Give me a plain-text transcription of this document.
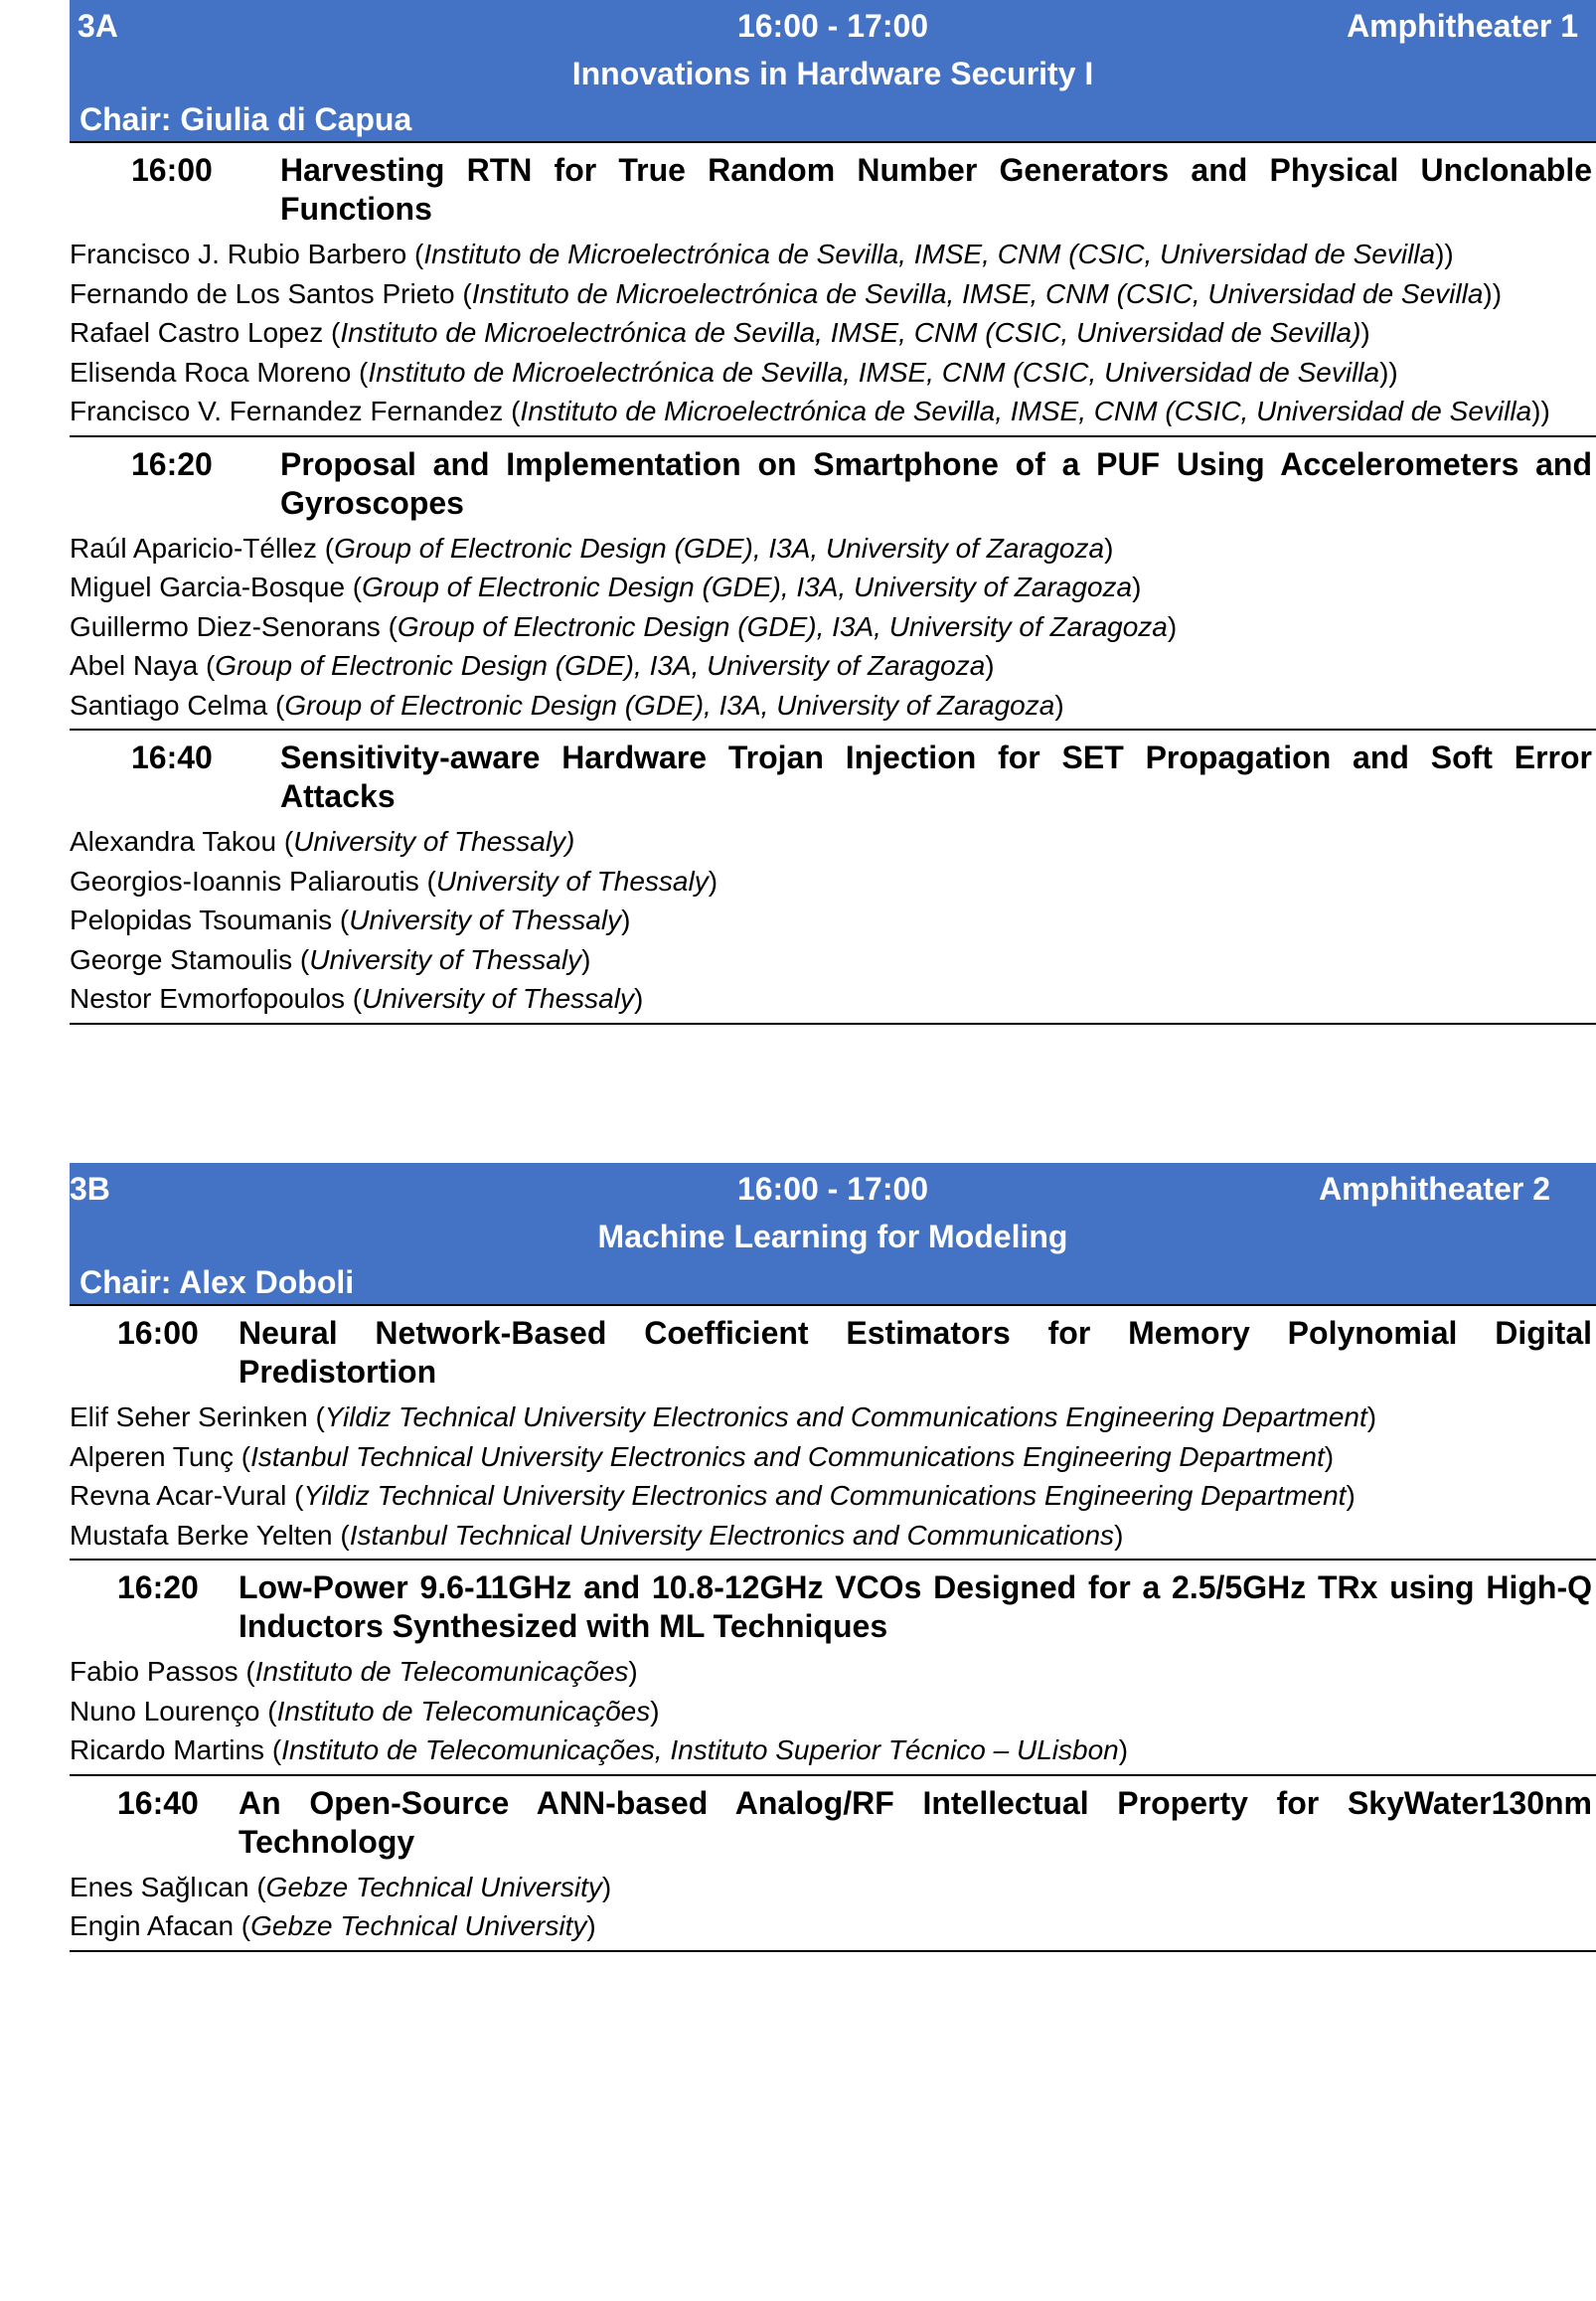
3A	16:00 - 17:00	Amphitheater 1
Innovations in Hardware Security I
Chair: Giulia di Capua
16:00	Harvesting RTN for True Random Number Generators and Physical Unclonable Functions
Francisco J. Rubio Barbero (Instituto de Microelectrónica de Sevilla, IMSE, CNM (CSIC, Universidad de Sevilla))
Fernando de Los Santos Prieto (Instituto de Microelectrónica de Sevilla, IMSE, CNM (CSIC, Universidad de Sevilla))
Rafael Castro Lopez (Instituto de Microelectrónica de Sevilla, IMSE, CNM (CSIC, Universidad de Sevilla))
Elisenda Roca Moreno (Instituto de Microelectrónica de Sevilla, IMSE, CNM (CSIC, Universidad de Sevilla))
Francisco V. Fernandez Fernandez (Instituto de Microelectrónica de Sevilla, IMSE, CNM (CSIC, Universidad de Sevilla))
16:20	Proposal and Implementation on Smartphone of a PUF Using Accelerometers and Gyroscopes
Raúl Aparicio-Téllez (Group of Electronic Design (GDE), I3A, University of Zaragoza)
Miguel Garcia-Bosque (Group of Electronic Design (GDE), I3A, University of Zaragoza)
Guillermo Diez-Senorans (Group of Electronic Design (GDE), I3A, University of Zaragoza)
Abel Naya (Group of Electronic Design (GDE), I3A, University of Zaragoza)
Santiago Celma (Group of Electronic Design (GDE), I3A, University of Zaragoza)
16:40	Sensitivity-aware Hardware Trojan Injection for SET Propagation and Soft Error Attacks
Alexandra Takou (University of Thessaly)
Georgios-Ioannis Paliaroutis (University of Thessaly)
Pelopidas Tsoumanis (University of Thessaly)
George Stamoulis (University of Thessaly)
Nestor Evmorfopoulos (University of Thessaly)
3B	16:00 - 17:00	Amphitheater 2
Machine Learning for Modeling
Chair: Alex Doboli
16:00	Neural Network-Based Coefficient Estimators for Memory Polynomial Digital Predistortion
Elif Seher Serinken (Yildiz Technical University Electronics and Communications Engineering Department)
Alperen Tunç (Istanbul Technical University Electronics and Communications Engineering Department)
Revna Acar-Vural (Yildiz Technical University Electronics and Communications Engineering Department)
Mustafa Berke Yelten (Istanbul Technical University Electronics and Communications)
16:20	Low-Power 9.6-11GHz and 10.8-12GHz VCOs Designed for a 2.5/5GHz TRx using High-Q Inductors Synthesized with ML Techniques
Fabio Passos (Instituto de Telecomunicações)
Nuno Lourenço (Instituto de Telecomunicações)
Ricardo Martins (Instituto de Telecomunicações, Instituto Superior Técnico – ULisbon)
16:40	An Open-Source ANN-based Analog/RF Intellectual Property for SkyWater130nm Technology
Enes Sağlıcan (Gebze Technical University)
Engin Afacan (Gebze Technical University)
